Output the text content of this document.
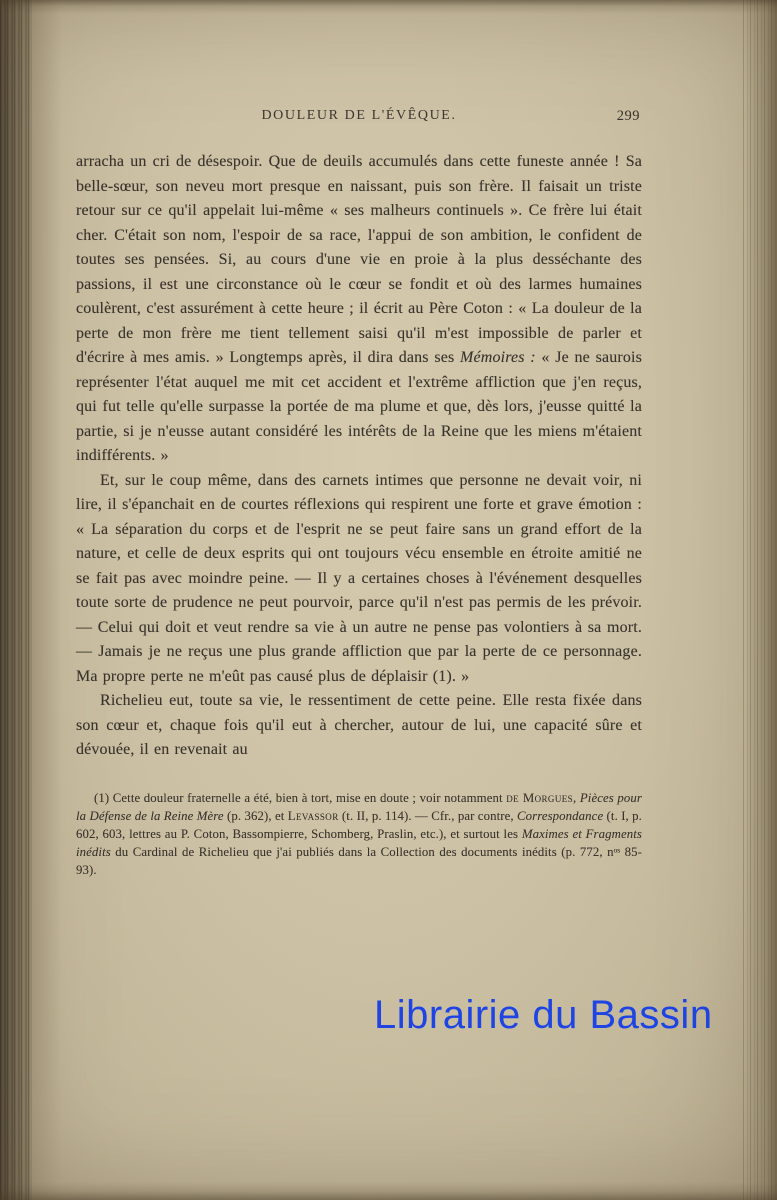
DOULEUR DE L'ÉVÊQUE.	299

arracha un cri de désespoir. Que de deuils accumulés dans cette funeste année ! Sa belle-sœur, son neveu mort presque en naissant, puis son frère. Il faisait un triste retour sur ce qu'il appelait lui-même « ses malheurs continuels ». Ce frère lui était cher. C'était son nom, l'espoir de sa race, l'appui de son ambition, le confident de toutes ses pensées. Si, au cours d'une vie en proie à la plus desséchante des passions, il est une circonstance où le cœur se fondit et où des larmes humaines coulèrent, c'est assurément à cette heure ; il écrit au Père Coton : « La douleur de la perte de mon frère me tient tellement saisi qu'il m'est impossible de parler et d'écrire à mes amis. » Longtemps après, il dira dans ses Mémoires : « Je ne saurois représenter l'état auquel me mit cet accident et l'extrême affliction que j'en reçus, qui fut telle qu'elle surpasse la portée de ma plume et que, dès lors, j'eusse quitté la partie, si je n'eusse autant considéré les intérêts de la Reine que les miens m'étaient indifférents. »

Et, sur le coup même, dans des carnets intimes que personne ne devait voir, ni lire, il s'épanchait en de courtes réflexions qui respirent une forte et grave émotion : « La séparation du corps et de l'esprit ne se peut faire sans un grand effort de la nature, et celle de deux esprits qui ont toujours vécu ensemble en étroite amitié ne se fait pas avec moindre peine. — Il y a certaines choses à l'événement desquelles toute sorte de prudence ne peut pourvoir, parce qu'il n'est pas permis de les prévoir. — Celui qui doit et veut rendre sa vie à un autre ne pense pas volontiers à sa mort. — Jamais je ne reçus une plus grande affliction que par la perte de ce personnage. Ma propre perte ne m'eût pas causé plus de déplaisir (1). »

Richelieu eut, toute sa vie, le ressentiment de cette peine. Elle resta fixée dans son cœur et, chaque fois qu'il eut à chercher, autour de lui, une capacité sûre et dévouée, il en revenait au

(1) Cette douleur fraternelle a été, bien à tort, mise en doute ; voir notamment de Morgues, Pièces pour la Défense de la Reine Mère (p. 362), et Levassor (t. II, p. 114). — Cfr., par contre, Correspondance (t. I, p. 602, 603, lettres au P. Coton, Bassompierre, Schomberg, Praslin, etc.), et surtout les Maximes et Fragments inédits du Cardinal de Richelieu que j'ai publiés dans la Collection des documents inédits (p. 772, nᵒˢ 85-93).

Librairie du Bassin
